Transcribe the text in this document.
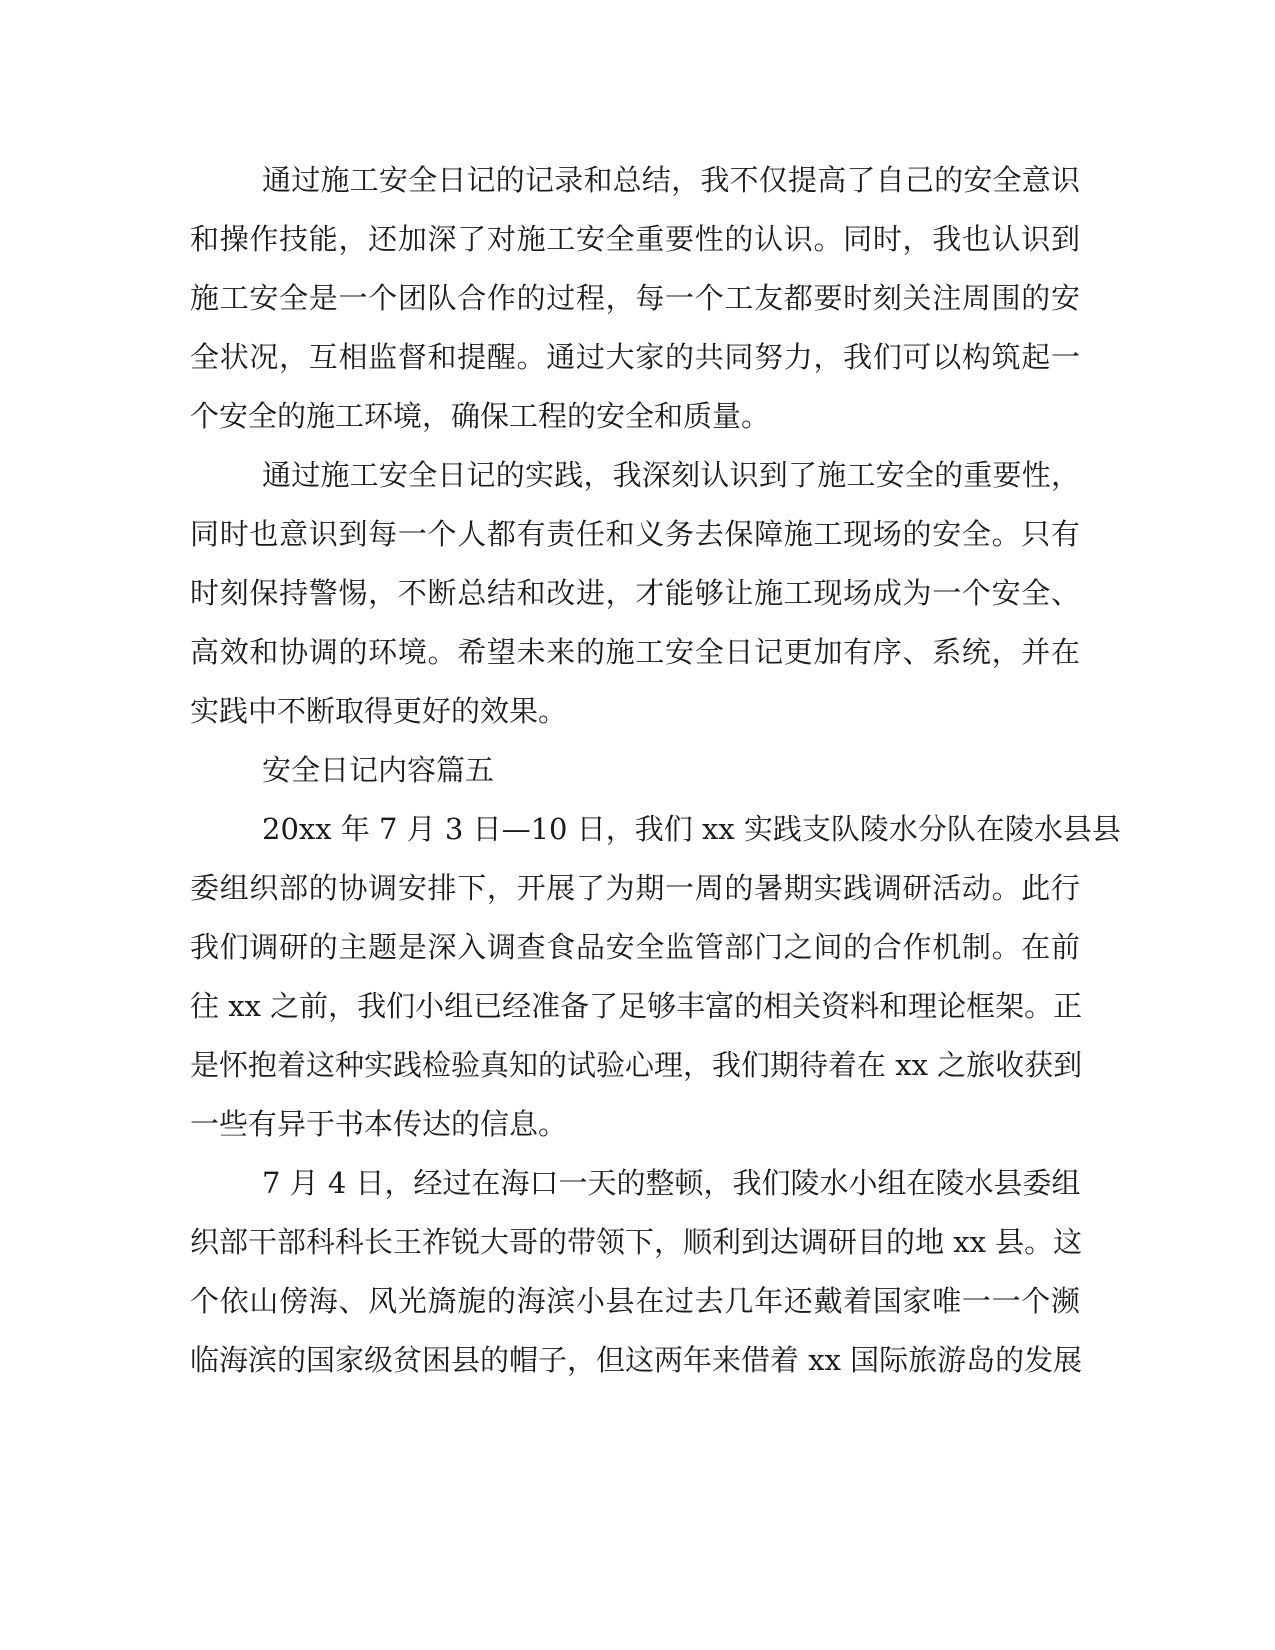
通过施工安全日记的记录和总结，我不仅提高了自己的安全意识

和操作技能，还加深了对施工安全重要性的认识。同时，我也认识到

施工安全是一个团队合作的过程，每一个工友都要时刻关注周围的安

全状况，互相监督和提醒。通过大家的共同努力，我们可以构筑起一

个安全的施工环境，确保工程的安全和质量。

通过施工安全日记的实践，我深刻认识到了施工安全的重要性，

同时也意识到每一个人都有责任和义务去保障施工现场的安全。只有

时刻保持警惕，不断总结和改进，才能够让施工现场成为一个安全、

高效和协调的环境。希望未来的施工安全日记更加有序、系统，并在

实践中不断取得更好的效果。

安全日记内容篇五

20xx 年 7 月 3 日—10 日，我们 xx 实践支队陵水分队在陵水县县

委组织部的协调安排下，开展了为期一周的暑期实践调研活动。此行

我们调研的主题是深入调查食品安全监管部门之间的合作机制。在前

往 xx 之前，我们小组已经准备了足够丰富的相关资料和理论框架。正

是怀抱着这种实践检验真知的试验心理，我们期待着在 xx 之旅收获到

一些有异于书本传达的信息。

7 月 4 日，经过在海口一天的整顿，我们陵水小组在陵水县委组

织部干部科科长王祚锐大哥的带领下，顺利到达调研目的地 xx 县。这

个依山傍海、风光旖旎的海滨小县在过去几年还戴着国家唯一一个濒

临海滨的国家级贫困县的帽子，但这两年来借着 xx 国际旅游岛的发展
